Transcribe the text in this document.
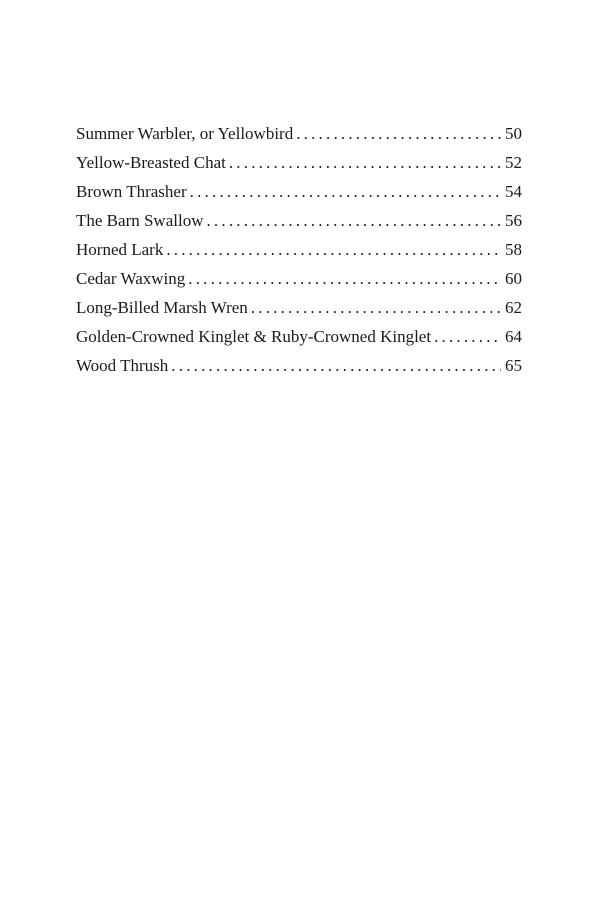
Summer Warbler, or Yellowbird .....	50
Yellow-Breasted Chat .....	52
Brown Thrasher .....	54
The Barn Swallow .....	56
Horned Lark .....	58
Cedar Waxwing .....	60
Long-Billed Marsh Wren .....	62
Golden-Crowned Kinglet & Ruby-Crowned Kinglet .....	64
Wood Thrush .....	65
